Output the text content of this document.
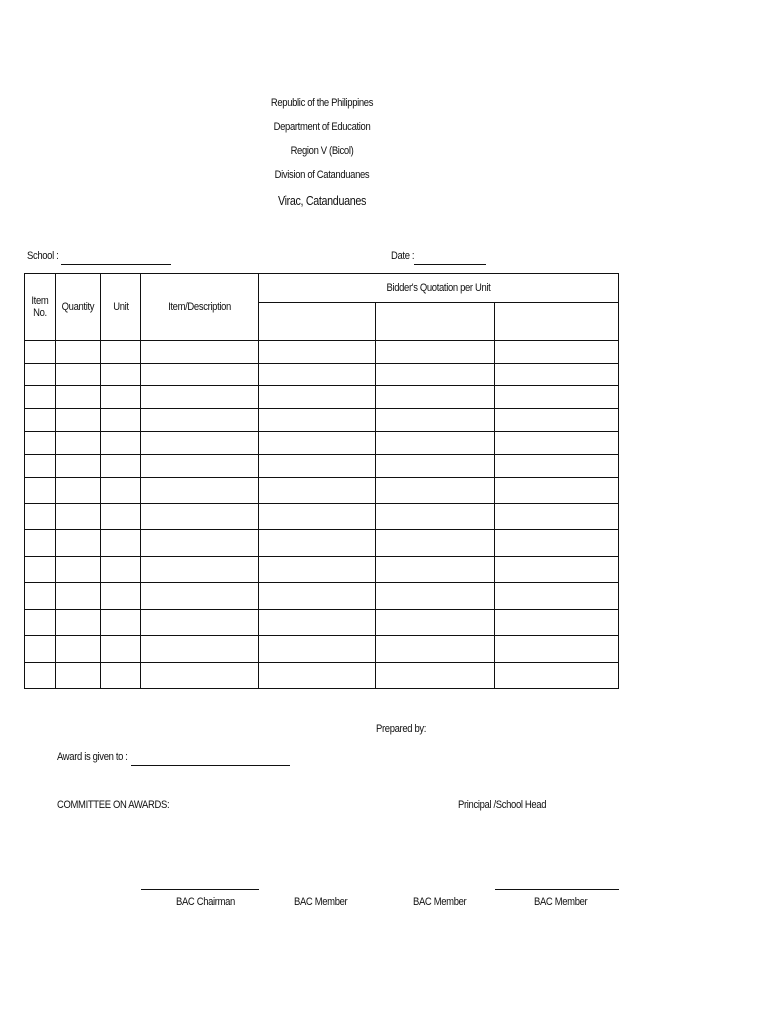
Republic of the Philippines
Department of Education
Region V (Bicol)
Division of Catanduanes
Virac, Catanduanes
School :	Date :
Item
No.	Quantity	Unit	Item/Description	Bidder's Quotation per Unit		

Prepared by:
Award is given to :
COMMITTEE ON AWARDS:	Principal /School Head
BAC Chairman	BAC Member	BAC Member	BAC Member
